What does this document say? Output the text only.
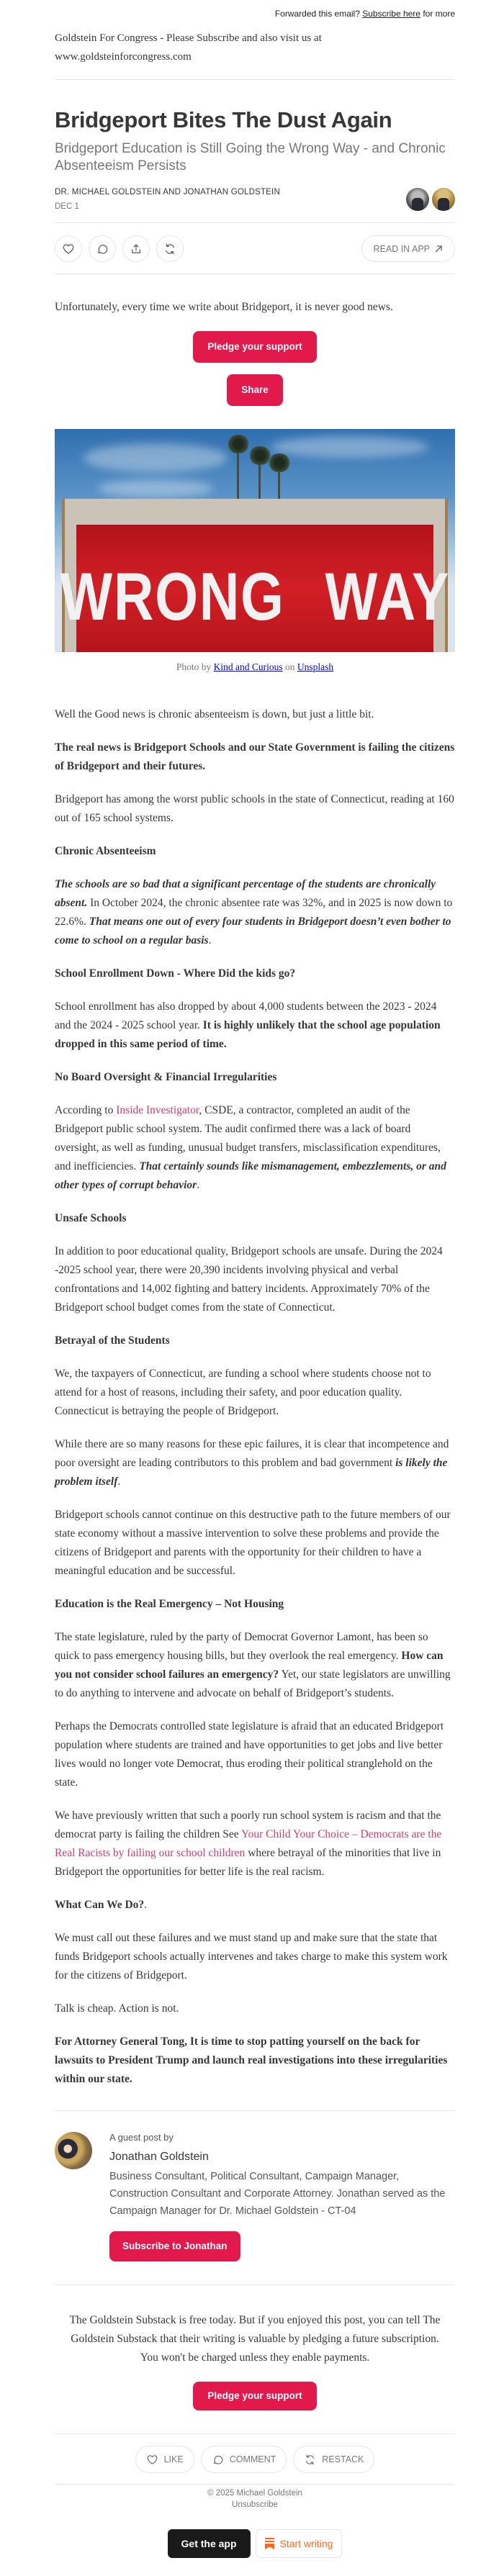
Forwarded this email? Subscribe here for more
Goldstein For Congress - Please Subscribe and also visit us at
www.goldsteinforcongress.com
Bridgeport Bites The Dust Again
Bridgeport Education is Still Going the Wrong Way - and Chronic Absenteeism Persists
DR. MICHAEL GOLDSTEIN AND JONATHAN GOLDSTEIN
DEC 1
READ IN APP

Unfortunately, every time we write about Bridgeport, it is never good news.

Pledge your support
Share
WRONG WAY
Photo by Kind and Curious on Unsplash

Well the Good news is chronic absenteeism is down, but just a little bit.

The real news is Bridgeport Schools and our State Government is failing the citizens of Bridgeport and their futures.

Bridgeport has among the worst public schools in the state of Connecticut, reading at 160 out of 165 school systems.

Chronic Absenteeism

The schools are so bad that a significant percentage of the students are chronically absent. In October 2024, the chronic absentee rate was 32%, and in 2025 is now down to 22.6%. That means one out of every four students in Bridgeport doesn’t even bother to come to school on a regular basis.

School Enrollment Down - Where Did the kids go?

School enrollment has also dropped by about 4,000 students between the 2023 - 2024 and the 2024 - 2025 school year. It is highly unlikely that the school age population dropped in this same period of time.

No Board Oversight & Financial Irregularities

According to Inside Investigator, CSDE, a contractor, completed an audit of the Bridgeport public school system. The audit confirmed there was a lack of board oversight, as well as funding, unusual budget transfers, misclassification expenditures, and inefficiencies. That certainly sounds like mismanagement, embezzlements, or and other types of corrupt behavior.

Unsafe Schools

In addition to poor educational quality, Bridgeport schools are unsafe. During the 2024 -2025 school year, there were 20,390 incidents involving physical and verbal confrontations and 14,002 fighting and battery incidents. Approximately 70% of the Bridgeport school budget comes from the state of Connecticut.

Betrayal of the Students

We, the taxpayers of Connecticut, are funding a school where students choose not to attend for a host of reasons, including their safety, and poor education quality. Connecticut is betraying the people of Bridgeport.

While there are so many reasons for these epic failures, it is clear that incompetence and poor oversight are leading contributors to this problem and bad government is likely the problem itself.

Bridgeport schools cannot continue on this destructive path to the future members of our state economy without a massive intervention to solve these problems and provide the citizens of Bridgeport and parents with the opportunity for their children to have a meaningful education and be successful.

Education is the Real Emergency – Not Housing

The state legislature, ruled by the party of Democrat Governor Lamont, has been so quick to pass emergency housing bills, but they overlook the real emergency. How can you not consider school failures an emergency? Yet, our state legislators are unwilling to do anything to intervene and advocate on behalf of Bridgeport’s students.

Perhaps the Democrats controlled state legislature is afraid that an educated Bridgeport population where students are trained and have opportunities to get jobs and live better lives would no longer vote Democrat, thus eroding their political stranglehold on the state.

We have previously written that such a poorly run school system is racism and that the democrat party is failing the children See Your Child Your Choice – Democrats are the Real Racists by failing our school children where betrayal of the minorities that live in Bridgeport the opportunities for better life is the real racism.

What Can We Do?.

We must call out these failures and we must stand up and make sure that the state that funds Bridgeport schools actually intervenes and takes charge to make this system work for the citizens of Bridgeport.

Talk is cheap. Action is not.

For Attorney General Tong, It is time to stop patting yourself on the back for lawsuits to President Trump and launch real investigations into these irregularities within our state.

A guest post by
Jonathan Goldstein
Business Consultant, Political Consultant, Campaign Manager, Construction Consultant and Corporate Attorney. Jonathan served as the Campaign Manager for Dr. Michael Goldstein - CT-04
Subscribe to Jonathan
The Goldstein Substack is free today. But if you enjoyed this post, you can tell The Goldstein Substack that their writing is valuable by pledging a future subscription. You won't be charged unless they enable payments.
Pledge your support
LIKE	COMMENT	RESTACK
© 2025 Michael Goldstein
Unsubscribe
Get the app	Start writing
